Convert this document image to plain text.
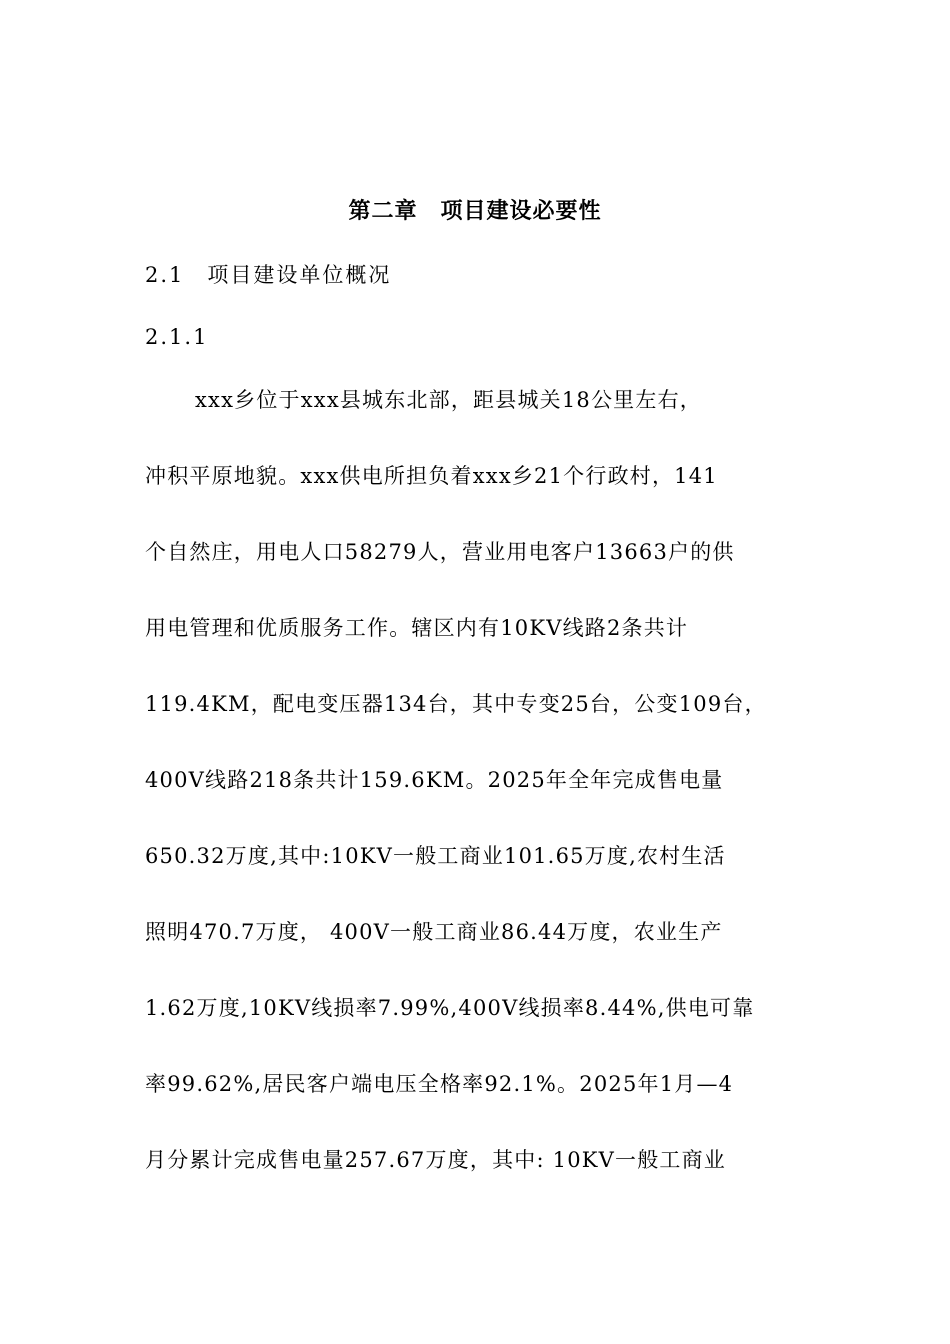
第二章　项目建设必要性
2.1　项目建设单位概况
2.1.1
xxx乡位于xxx县城东北部，距县城关18公里左右，
冲积平原地貌。xxx供电所担负着xxx乡21个行政村，141
个自然庄，用电人口58279人，营业用电客户13663户的供
用电管理和优质服务工作。辖区内有10KV线路2条共计
119.4KM，配电变压器134台，其中专变25台，公变109台，
400V线路218条共计159.6KM。2025年全年完成售电量
650.32万度,其中:10KV一般工商业101.65万度,农村生活
照明470.7万度， 400V一般工商业86.44万度，农业生产
1.62万度,10KV线损率7.99%,400V线损率8.44%,供电可靠
率99.62%,居民客户端电压全格率92.1%。2025年1月—4
月分累计完成售电量257.67万度，其中: 10KV一般工商业
